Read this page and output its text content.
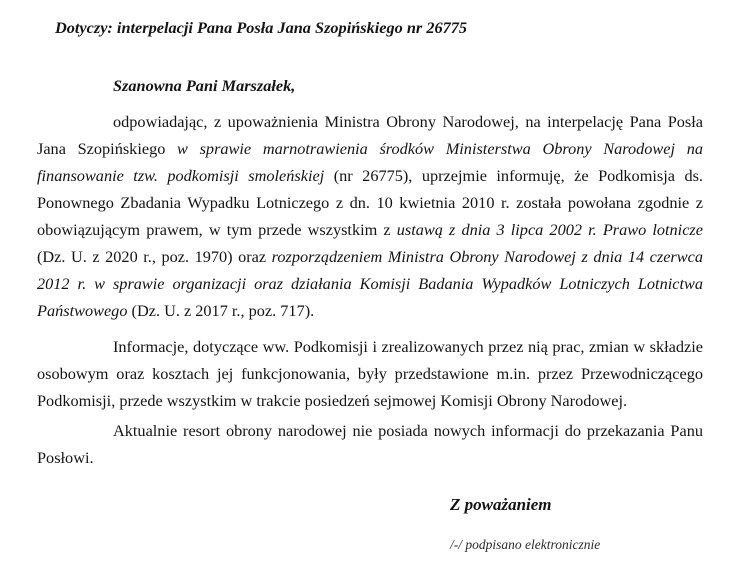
Dotyczy: interpelacji Pana Posła Jana Szopińskiego nr 26775

Szanowna Pani Marszałek,

odpowiadając, z upoważnienia Ministra Obrony Narodowej, na interpelację Pana Posła Jana Szopińskiego w sprawie marnotrawienia środków Ministerstwa Obrony Narodowej na finansowanie tzw. podkomisji smoleńskiej (nr 26775), uprzejmie informuję, że Podkomisja ds. Ponownego Zbadania Wypadku Lotniczego z dn. 10 kwietnia 2010 r. została powołana zgodnie z obowiązującym prawem, w tym przede wszystkim z ustawą z dnia 3 lipca 2002 r. Prawo lotnicze (Dz. U. z 2020 r., poz. 1970) oraz rozporządzeniem Ministra Obrony Narodowej z dnia 14 czerwca 2012 r. w sprawie organizacji oraz działania Komisji Badania Wypadków Lotniczych Lotnictwa Państwowego (Dz. U. z 2017 r., poz. 717).

Informacje, dotyczące ww. Podkomisji i zrealizowanych przez nią prac, zmian w składzie osobowym oraz kosztach jej funkcjonowania, były przedstawione m.in. przez Przewodniczącego Podkomisji, przede wszystkim w trakcie posiedzeń sejmowej Komisji Obrony Narodowej.

Aktualnie resort obrony narodowej nie posiada nowych informacji do przekazania Panu Posłowi.

Z poważaniem

/-/ podpisano elektronicznie
